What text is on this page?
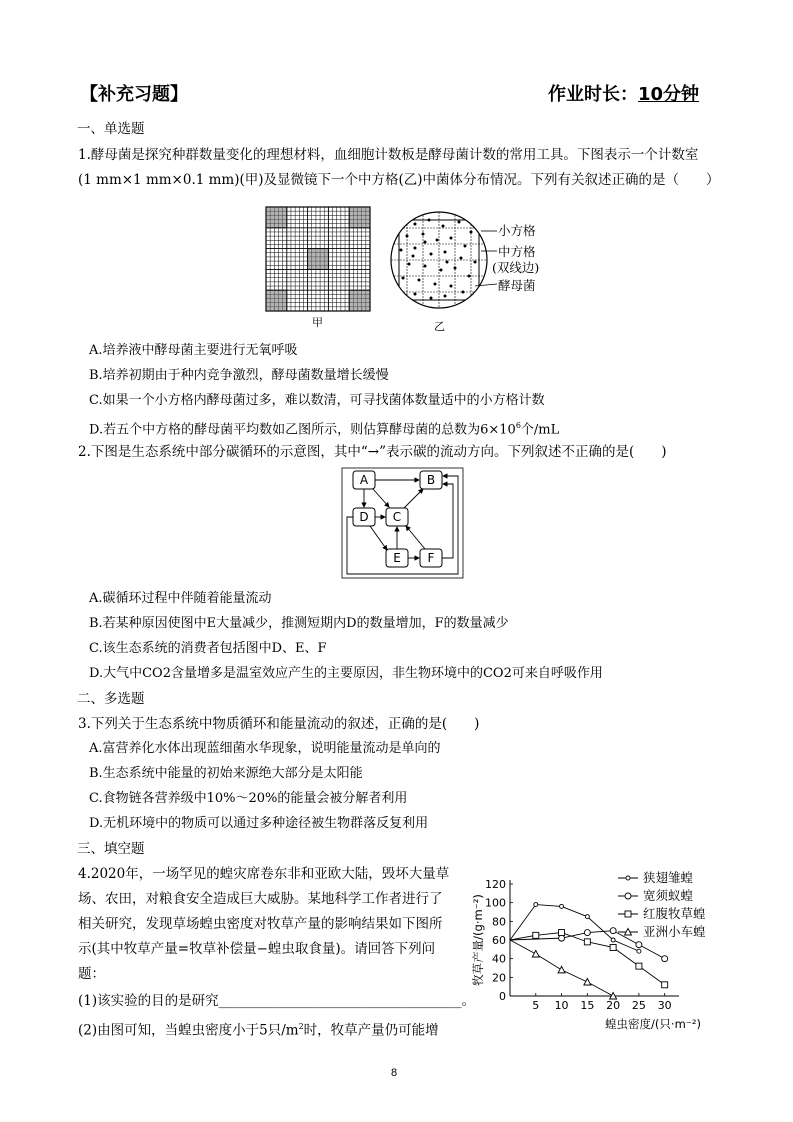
【补充习题】	作业时长：10分钟
一、单选题
1.酵母菌是探究种群数量变化的理想材料，血细胞计数板是酵母菌计数的常用工具。下图表示一个计数室
(1 mm×1 mm×0.1 mm)(甲)及显微镜下一个中方格(乙)中菌体分布情况。下列有关叙述正确的是（　　）
甲
小方格
中方格
(双线边)
酵母菌
乙
A.培养液中酵母菌主要进行无氧呼吸
B.培养初期由于种内竞争激烈，酵母菌数量增长缓慢
C.如果一个小方格内酵母菌过多，难以数清，可寻找菌体数量适中的小方格计数
D.若五个中方格的酵母菌平均数如乙图所示，则估算酵母菌的总数为$6\times 10^6$个/mL
2.下图是生态系统中部分碳循环的示意图，其中“→”表示碳的流动方向。下列叙述不正确的是(　　)
A	B
C
D
E F
A.碳循环过程中伴随着能量流动
B.若某种原因使图中E大量减少，推测短期内D的数量增加，F的数量减少
C.该生态系统的消费者包括图中D、E、F
D.大气中CO2含量增多是温室效应产生的主要原因，非生物环境中的CO2可来自呼吸作用
二、多选题
3.下列关于生态系统中物质循环和能量流动的叙述，正确的是(　　)
A.富营养化水体出现蓝细菌水华现象，说明能量流动是单向的
B.生态系统中能量的初始来源绝大部分是太阳能
C.食物链各营养级中10%～20%的能量会被分解者利用
D.无机环境中的物质可以通过多种途径被生物群落反复利用
三、填空题
4.2020年，一场罕见的蝗灾席卷东非和亚欧大陆，毁坏大量草
场、农田，对粮食安全造成巨大威胁。某地科学工作者进行了
相关研究，发现草场蝗虫密度对牧草产量的影响结果如下图所
示(其中牧草产量=牧草补偿量−蝗虫取食量)。请回答下列问
题：
(1)该实验的目的是研究____________________________________。
(2)由图可知，当蝗虫密度小于5只$/m^2$时，牧草产量仍可能增
0
20
40
60
80
100
120
5 10 15 20 25 30
牧草产量/(g·m⁻²)
蝗虫密度/(只·m⁻²)
狭翅雏蝗
宽须蚁蝗
红腹牧草蝗
亚洲小车蝗
8
